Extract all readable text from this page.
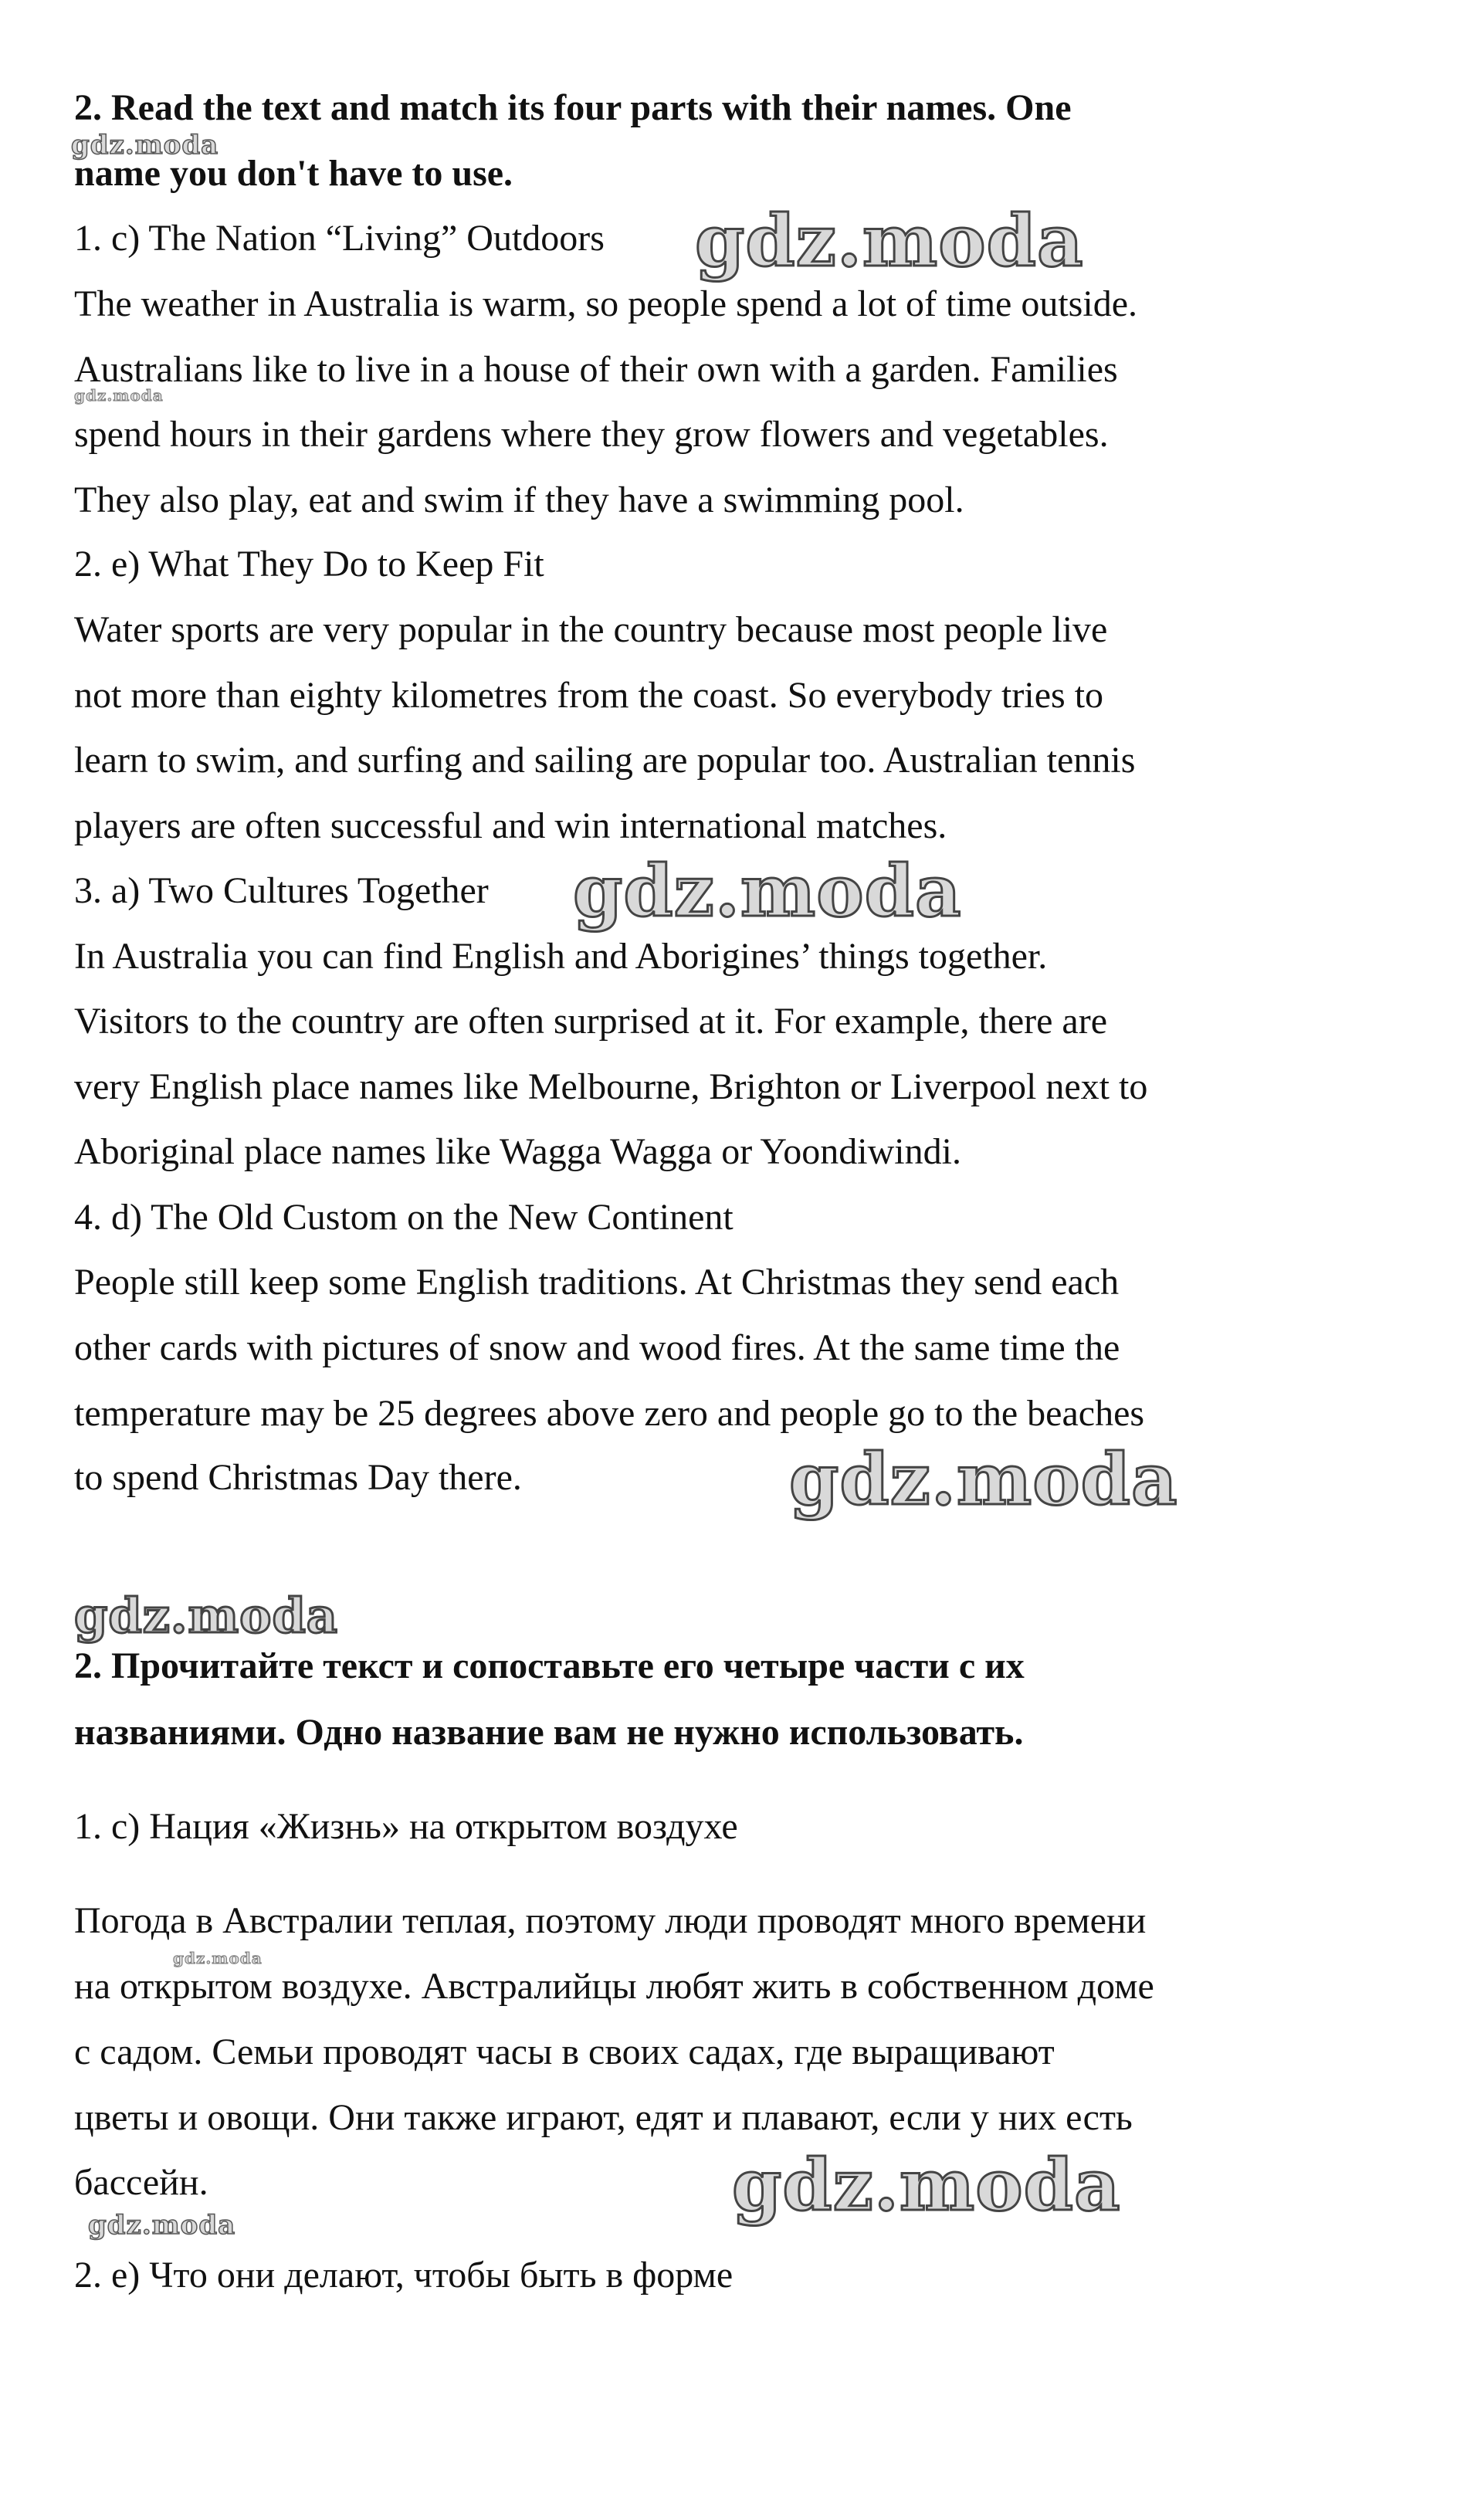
2. Read the text and match its four parts with their names. One
name you don't have to use.
1. c) The Nation “Living” Outdoors
The weather in Australia is warm, so people spend a lot of time outside.
Australians like to live in a house of their own with a garden. Families
spend hours in their gardens where they grow flowers and vegetables.
They also play, eat and swim if they have a swimming pool.
2. e) What They Do to Keep Fit
Water sports are very popular in the country because most people live
not more than eighty kilometres from the coast. So everybody tries to
learn to swim, and surfing and sailing are popular too. Australian tennis
players are often successful and win international matches.
3. a) Two Cultures Together
In Australia you can find English and Aborigines’ things together.
Visitors to the country are often surprised at it. For example, there are
very English place names like Melbourne, Brighton or Liverpool next to
Aboriginal place names like Wagga Wagga or Yoondiwindi.
4. d) The Old Custom on the New Continent
People still keep some English traditions. At Christmas they send each
other cards with pictures of snow and wood fires. At the same time the
temperature may be 25 degrees above zero and people go to the beaches
to spend Christmas Day there.
2. Прочитайте текст и сопоставьте его четыре части с их
названиями. Одно название вам не нужно использовать.
1. c) Нация «Жизнь» на открытом воздухе
Погода в Австралии теплая, поэтому люди проводят много времени
на открытом воздухе. Австралийцы любят жить в собственном доме
с садом. Семьи проводят часы в своих садах, где выращивают
цветы и овощи. Они также играют, едят и плавают, если у них есть
бассейн.
2. e) Что они делают, чтобы быть в форме
gdz.moda
gdz.moda
gdz.moda
gdz.moda
gdz.moda
gdz.moda
gdz.moda
gdz.moda
gdz.moda
